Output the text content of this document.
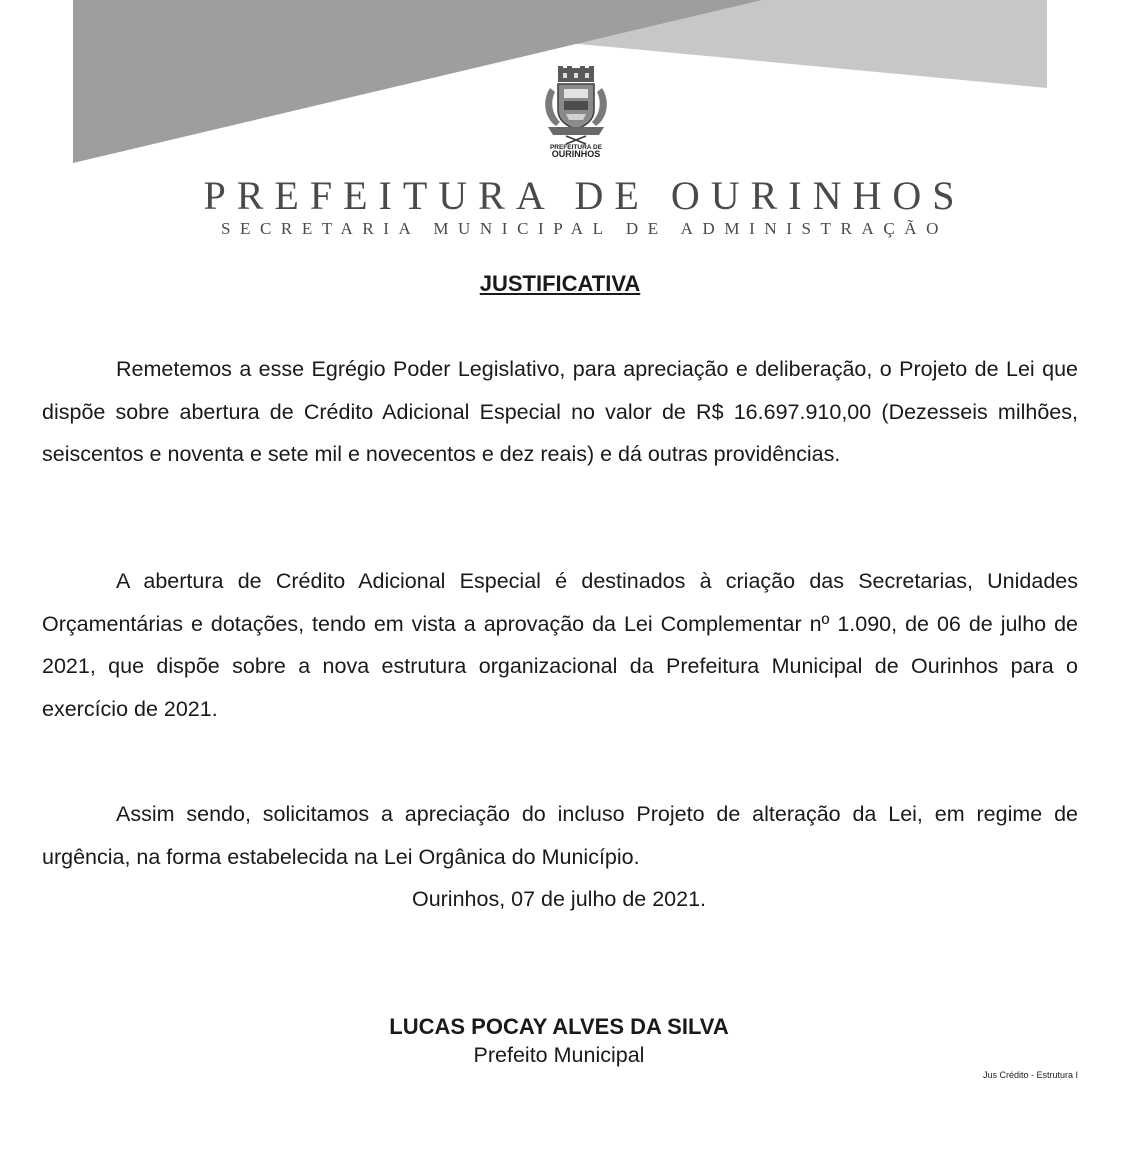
PREFEITURA DE
OURINHOS
PREFEITURA DE OURINHOS
SECRETARIA MUNICIPAL DE ADMINISTRAÇÃO
JUSTIFICATIVA

Remetemos a esse Egrégio Poder Legislativo, para apreciação e deliberação, o Projeto de Lei que dispõe sobre abertura de Crédito Adicional Especial no valor de R$ 16.697.910,00 (Dezesseis milhões, seiscentos e noventa e sete mil e novecentos e dez reais) e dá outras providências.

A abertura de Crédito Adicional Especial é destinados à criação das Secretarias, Unidades Orçamentárias e dotações, tendo em vista a aprovação da Lei Complementar nº 1.090, de 06 de julho de 2021, que dispõe sobre a nova estrutura organizacional da Prefeitura Municipal de Ourinhos para o exercício de 2021.

Assim sendo, solicitamos a apreciação do incluso Projeto de alteração da Lei, em regime de urgência, na forma estabelecida na Lei Orgânica do Município.

Ourinhos, 07 de julho de 2021.
LUCAS POCAY ALVES DA SILVA
Prefeito Municipal
Jus Crédito - Estrutura I
